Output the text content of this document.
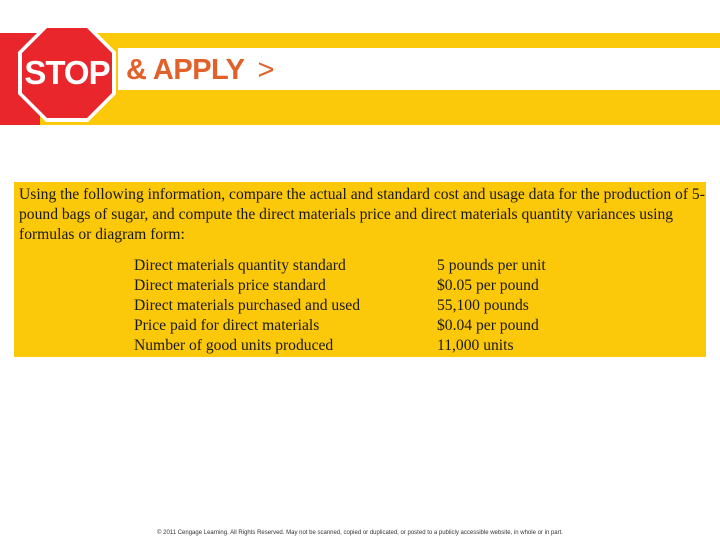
STOP & APPLY >
Using the following information, compare the actual and standard cost and usage data for the production of 5-pound bags of sugar, and compute the direct materials price and direct materials quantity variances using formulas or diagram form:
Direct materials quantity standard	5 pounds per unit
Direct materials price standard	$0.05 per pound
Direct materials purchased and used	55,100 pounds
Price paid for direct materials	$0.04 per pound
Number of good units produced	11,000 units
© 2011 Cengage Learning. All Rights Reserved. May not be scanned, copied or duplicated, or posted to a publicly accessible website, in whole or in part.
